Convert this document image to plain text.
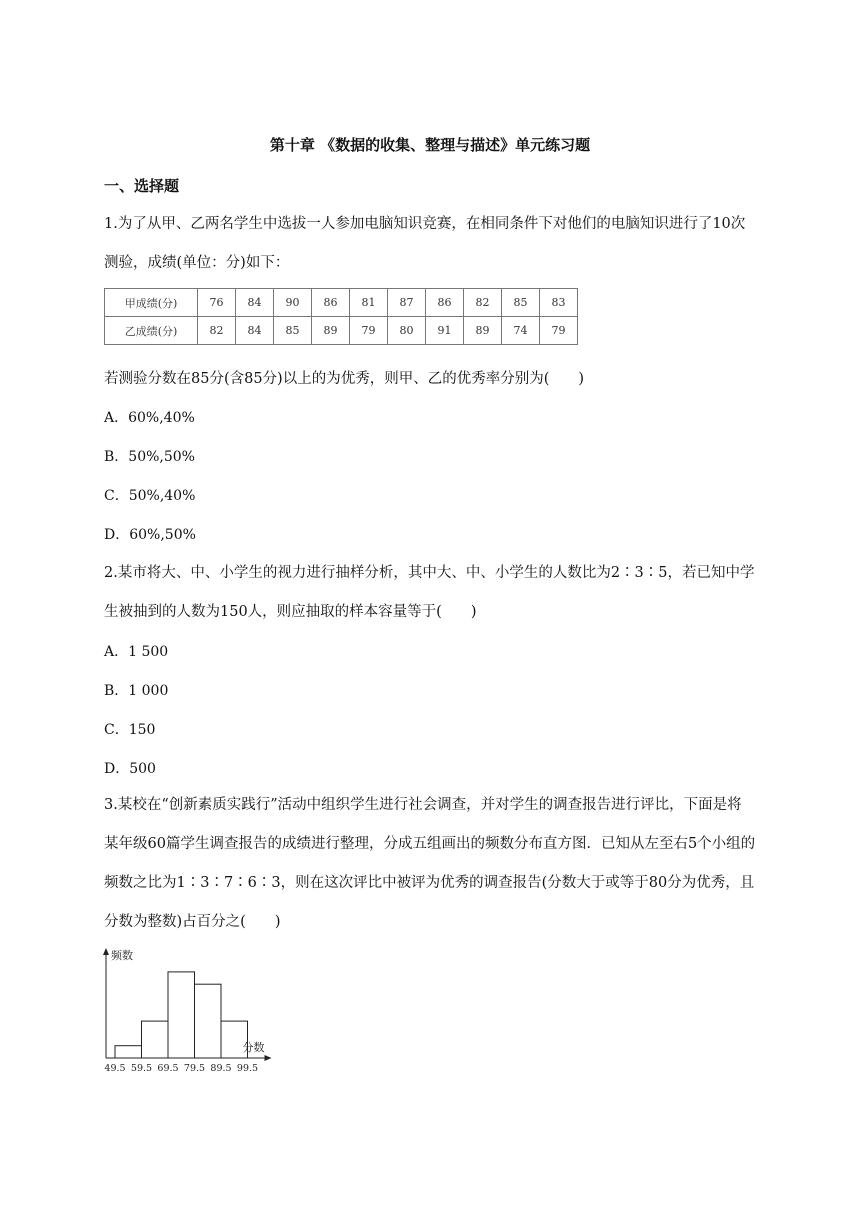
第十章 《数据的收集、整理与描述》单元练习题
一、选择题

1.为了从甲、乙两名学生中选拔一人参加电脑知识竞赛，在相同条件下对他们的电脑知识进行了10次测验，成绩(单位：分)如下：

甲成绩(分)	76	84	90	86	81	87	86	82	85	83
乙成绩(分)	82	84	85	89	79	80	91	89	74	79

若测验分数在85分(含85分)以上的为优秀，则甲、乙的优秀率分别为(　　)

A．60%,40%

B．50%,50%

C．50%,40%

D．60%,50%

2.某市将大、中、小学生的视力进行抽样分析，其中大、中、小学生的人数比为2∶3∶5，若已知中学生被抽到的人数为150人，则应抽取的样本容量等于(　　)

A．1 500

B．1 000

C．150

D．500

3.某校在“创新素质实践行”活动中组织学生进行社会调查，并对学生的调查报告进行评比，下面是将某年级60篇学生调查报告的成绩进行整理，分成五组画出的频数分布直方图．已知从左至右5个小组的频数之比为1∶3∶7∶6∶3，则在这次评比中被评为优秀的调查报告(分数大于或等于80分为优秀，且分数为整数)占百分之(　　)

49.5 59.5 69.5 79.5 89.5 99.5
频数
分数
